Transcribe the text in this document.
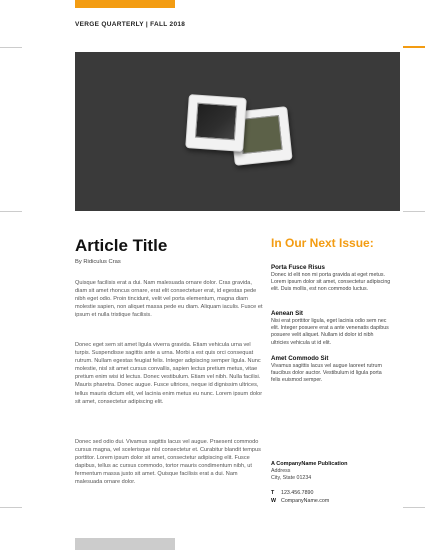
VERGE QUARTERLY | FALL 2018
Article Title
By Ridiculus Cras

Quisque facilisis erat a dui. Nam malesuada ornare dolor. Cras gravida, diam sit amet rhoncus ornare, erat elit consectetuer erat, id egestas pede nibh eget odio. Proin tincidunt, velit vel porta elementum, magna diam molestie sapien, non aliquet massa pede eu diam. Aliquam iaculis. Fusce et ipsum et nulla tristique facilisis.

Donec eget sem sit amet ligula viverra gravida. Etiam vehicula urna vel turpis. Suspendisse sagittis ante a urna. Morbi a est quis orci consequat rutrum. Nullam egestas feugiat felis. Integer adipiscing semper ligula. Nunc molestie, nisl sit amet cursus convallis, sapien lectus pretium metus, vitae pretium enim wisi id lectus. Donec vestibulum. Etiam vel nibh. Nulla facilisi. Mauris pharetra. Donec augue. Fusce ultrices, neque id dignissim ultrices, tellus mauris dictum elit, vel lacinia enim metus eu nunc. Lorem ipsum dolor sit amet, consectetur adipiscing elit.

Donec sed odio dui. Vivamus sagittis lacus vel augue. Praesent commodo cursus magna, vel scelerisque nisl consectetur et. Curabitur blandit tempus porttitor. Lorem ipsum dolor sit amet, consectetur adipiscing elit. Fusce dapibus, tellus ac cursus commodo, tortor mauris condimentum nibh, ut fermentum massa justo sit amet. Quisque facilisis erat a dui. Nam malesuada ornare dolor.

In Our Next Issue:
Porta Fusce Risus

Donec id elit non mi porta gravida at eget metus. Lorem ipsum dolor sit amet, consectetur adipiscing elit. Duis mollis, est non commodo luctus.

Aenean Sit

Nisi erat porttitor ligula, eget lacinia odio sem nec elit. Integer posuere erat a ante venenatis dapibus posuere velit aliquet. Nullam id dolor id nibh ultricies vehicula ut id elit.

Amet Commodo Sit

Vivamus sagittis lacus vel augue laoreet rutrum faucibus dolor auctor. Vestibulum id ligula porta felis euismod semper.

A CompanyName Publication

Address
City, State 01234

T 123.456.7890
W CompanyName.com
